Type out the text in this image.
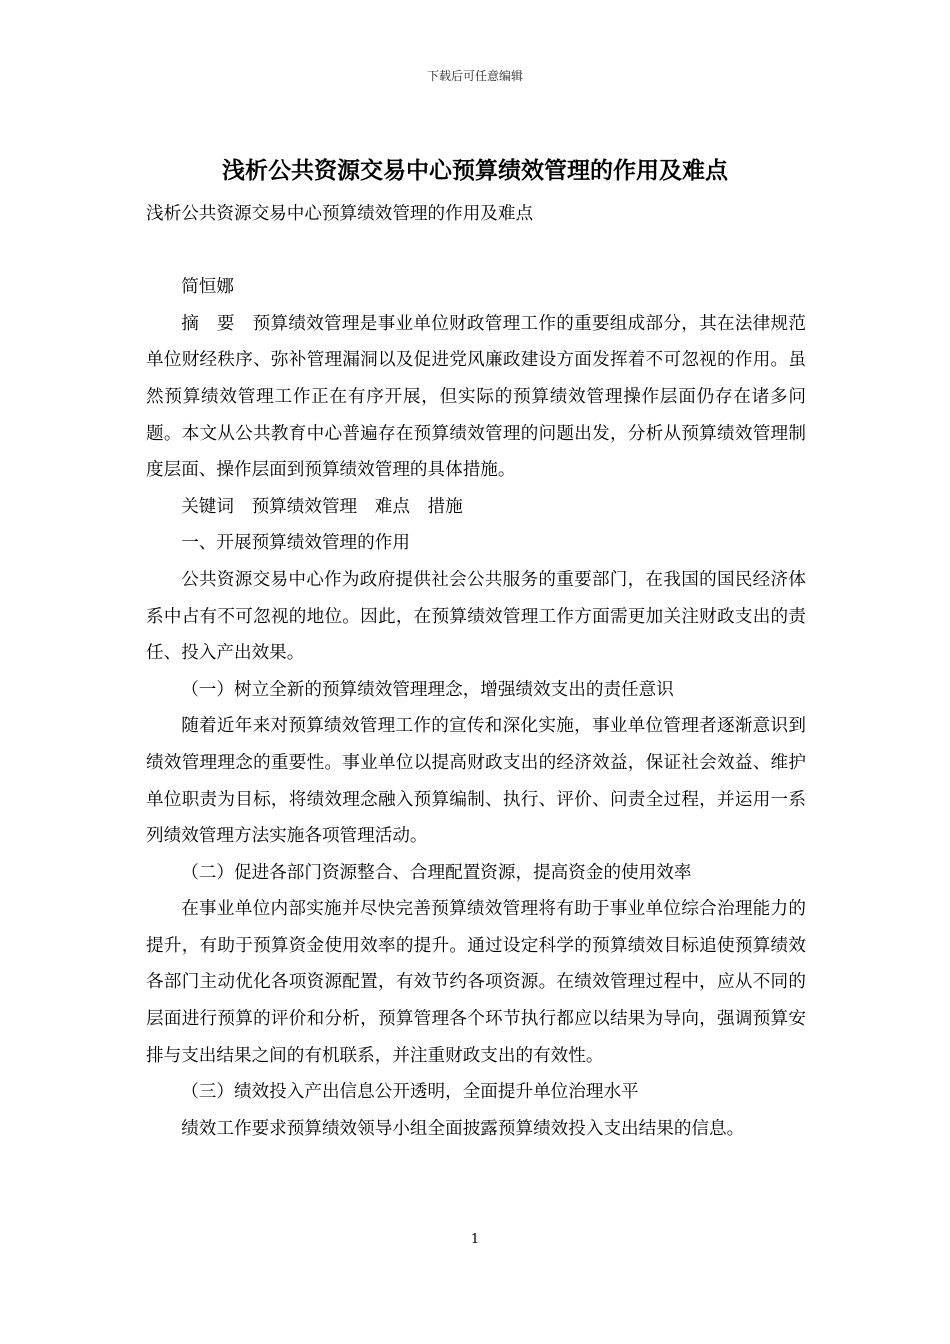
下载后可任意编辑
浅析公共资源交易中心预算绩效管理的作用及难点

浅析公共资源交易中心预算绩效管理的作用及难点

简恒娜

摘　要　预算绩效管理是事业单位财政管理工作的重要组成部分，其在法律规范单位财经秩序、弥补管理漏洞以及促进党风廉政建设方面发挥着不可忽视的作用。虽然预算绩效管理工作正在有序开展，但实际的预算绩效管理操作层面仍存在诸多问题。本文从公共教育中心普遍存在预算绩效管理的问题出发，分析从预算绩效管理制度层面、操作层面到预算绩效管理的具体措施。

关键词　预算绩效管理　难点　措施

一、开展预算绩效管理的作用

公共资源交易中心作为政府提供社会公共服务的重要部门，在我国的国民经济体系中占有不可忽视的地位。因此，在预算绩效管理工作方面需更加关注财政支出的责任、投入产出效果。

（一）树立全新的预算绩效管理理念，增强绩效支出的责任意识

随着近年来对预算绩效管理工作的宣传和深化实施，事业单位管理者逐渐意识到绩效管理理念的重要性。事业单位以提高财政支出的经济效益，保证社会效益、维护单位职责为目标，将绩效理念融入预算编制、执行、评价、问责全过程，并运用一系列绩效管理方法实施各项管理活动。

（二）促进各部门资源整合、合理配置资源，提高资金的使用效率

在事业单位内部实施并尽快完善预算绩效管理将有助于事业单位综合治理能力的提升，有助于预算资金使用效率的提升。通过设定科学的预算绩效目标追使预算绩效各部门主动优化各项资源配置，有效节约各项资源。在绩效管理过程中，应从不同的层面进行预算的评价和分析，预算管理各个环节执行都应以结果为导向，强调预算安排与支出结果之间的有机联系，并注重财政支出的有效性。

（三）绩效投入产出信息公开透明，全面提升单位治理水平

绩效工作要求预算绩效领导小组全面披露预算绩效投入支出结果的信息。

1
